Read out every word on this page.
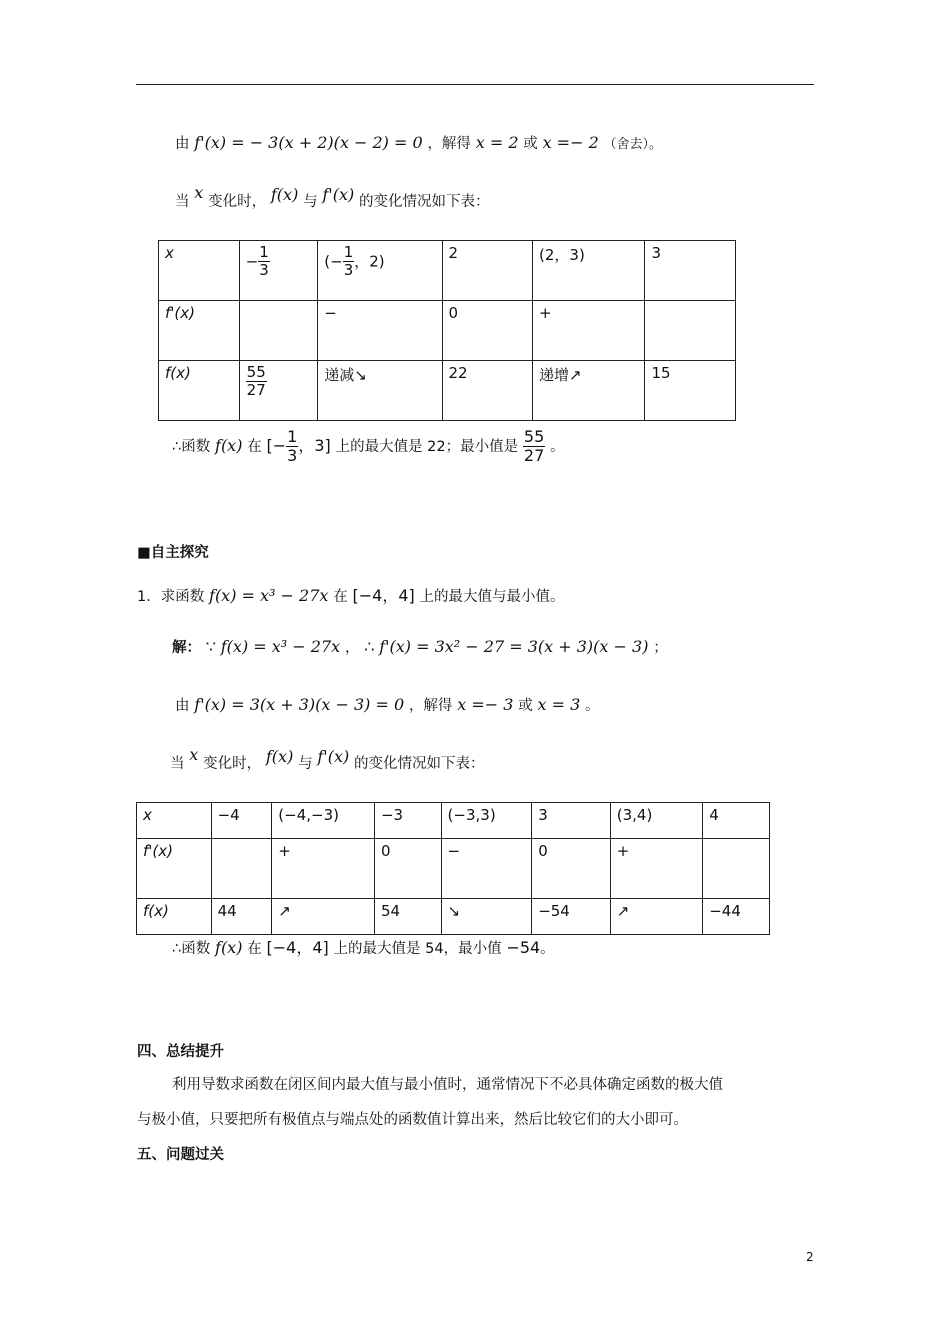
由 f'(x) = − 3(x + 2)(x − 2) = 0 ，解得 x = 2 或 x =− 2 （舍去）。
当 x 变化时， f(x) 与 f'(x) 的变化情况如下表：
x	− $\frac{1}{3}$	(− $\frac{1}{3}$ ，2)	2	(2，3)	3
f'(x)		−	0	+	
f(x)	$\frac{55}{27}$	递减↘	22	递增↗	15
∴函数 f(x) 在 [− $\frac{1}{3}$ ，3] 上的最大值是 22；最小值是 $\frac{55}{27}$ 。
■自主探究
1．求函数 f(x) = x³ − 27x 在 [−4，4] 上的最大值与最小值。
解： ∵ f(x) = x³ − 27x ， ∴ f'(x) = 3x² − 27 = 3(x + 3)(x − 3) ；
由 f'(x) = 3(x + 3)(x − 3) = 0 ，解得 x =− 3 或 x = 3 。
当 x 变化时， f(x) 与 f'(x) 的变化情况如下表：
x	−4	(−4,−3)	−3	(−3,3)	3	(3,4)	4
f'(x)		+	0	−	0	+	
f(x)	44	↗	54	↘	−54	↗	−44
∴函数 f(x) 在 [−4，4] 上的最大值是 54，最小值 −54。
四、总结提升
利用导数求函数在闭区间内最大值与最小值时，通常情况下不必具体确定函数的极大值
与极小值，只要把所有极值点与端点处的函数值计算出来，然后比较它们的大小即可。
五、问题过关
2
